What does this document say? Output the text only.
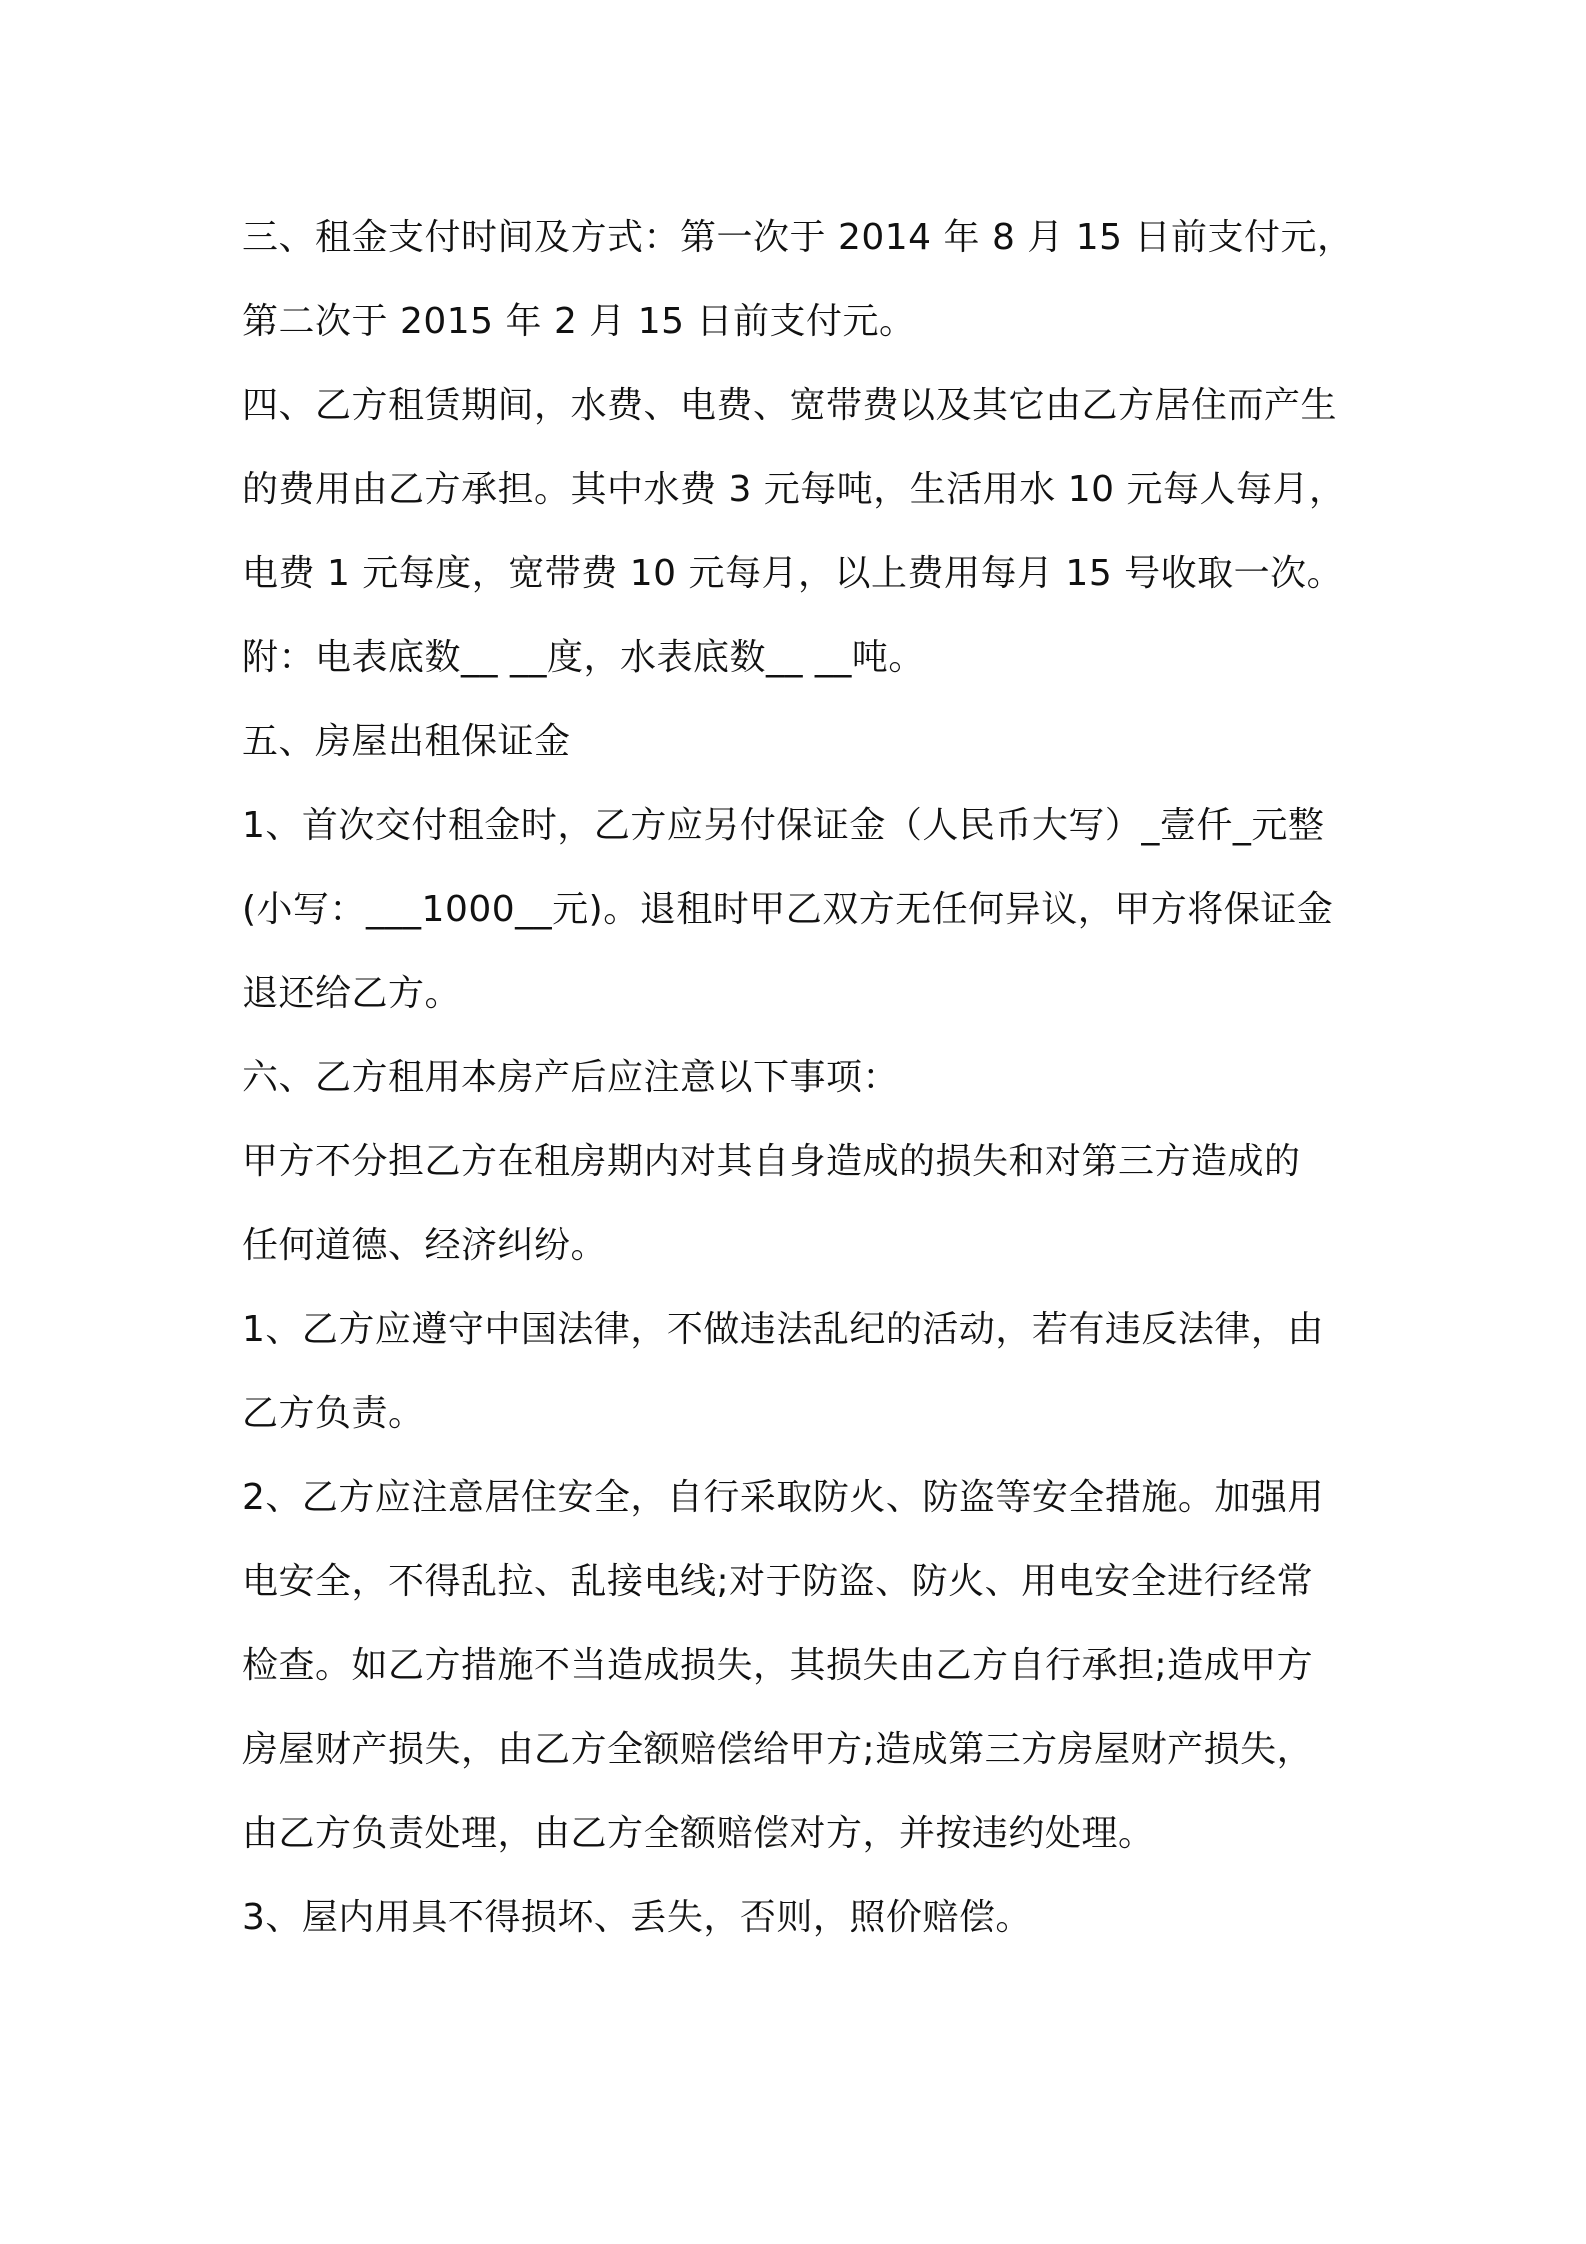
三、租金支付时间及方式：第一次于 2014 年 8 月 15 日前支付元，
第二次于 2015 年 2 月 15 日前支付元。
四、乙方租赁期间，水费、电费、宽带费以及其它由乙方居住而产生
的费用由乙方承担。其中水费 3 元每吨，生活用水 10 元每人每月，
电费 1 元每度，宽带费 10 元每月，以上费用每月 15 号收取一次。
附：电表底数__ __度，水表底数__ __吨。
五、房屋出租保证金
1、首次交付租金时，乙方应另付保证金（人民币大写）_壹仟_元整
(小写：___1000__元)。退租时甲乙双方无任何异议，甲方将保证金
退还给乙方。
六、乙方租用本房产后应注意以下事项：
甲方不分担乙方在租房期内对其自身造成的损失和对第三方造成的
任何道德、经济纠纷。
1、乙方应遵守中国法律，不做违法乱纪的活动，若有违反法律，由
乙方负责。
2、乙方应注意居住安全，自行采取防火、防盗等安全措施。加强用
电安全，不得乱拉、乱接电线;对于防盗、防火、用电安全进行经常
检查。如乙方措施不当造成损失，其损失由乙方自行承担;造成甲方
房屋财产损失，由乙方全额赔偿给甲方;造成第三方房屋财产损失，
由乙方负责处理，由乙方全额赔偿对方，并按违约处理。
3、屋内用具不得损坏、丢失，否则，照价赔偿。
